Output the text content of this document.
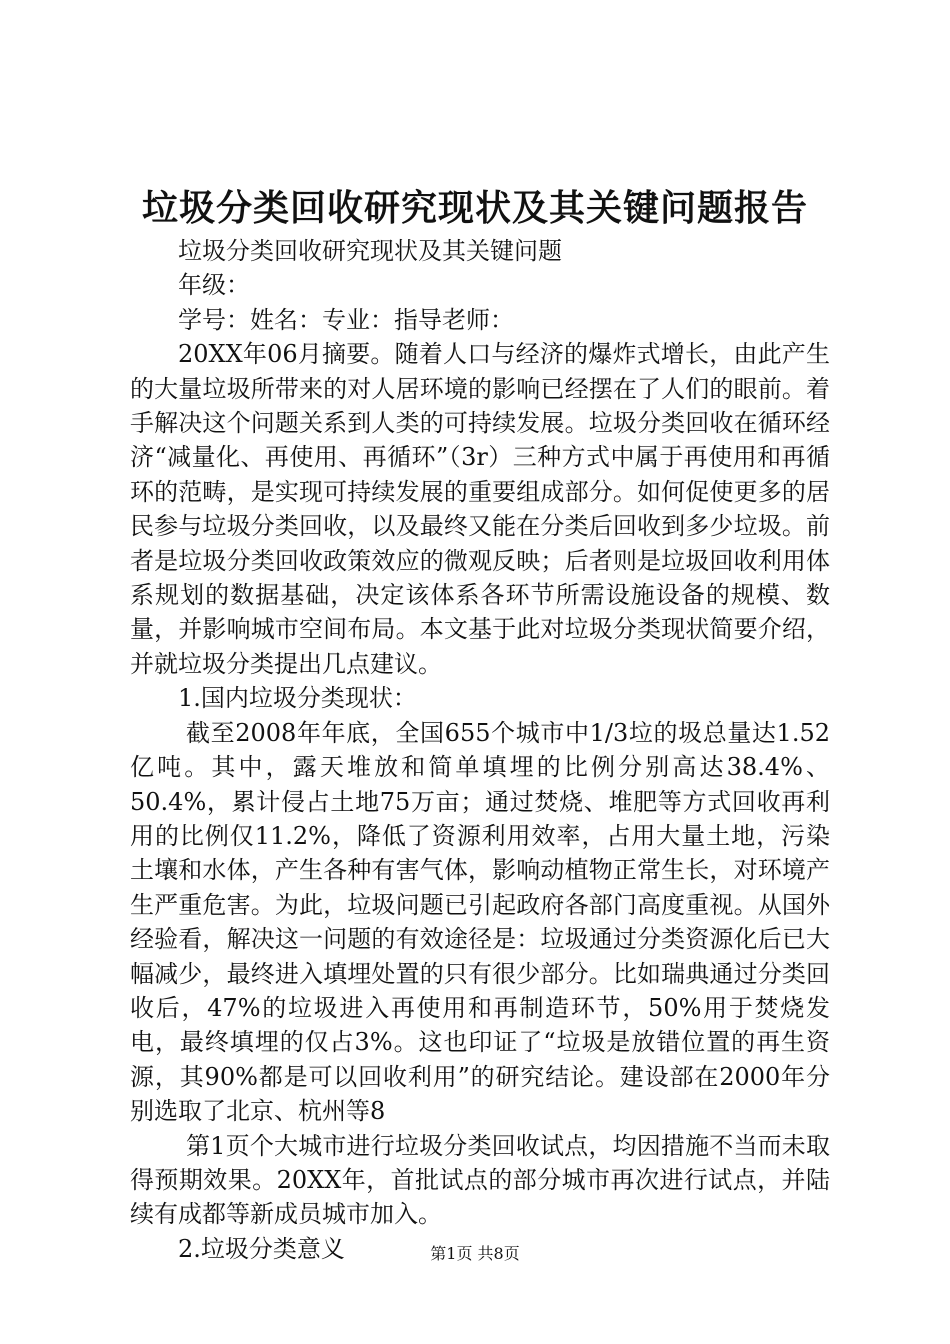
垃圾分类回收研究现状及其关键问题报告

垃圾分类回收研究现状及其关键问题

年级：

学号：姓名：专业：指导老师：

20XX年06月摘要。随着人口与经济的爆炸式增长，由此产生的大量垃圾所带来的对人居环境的影响已经摆在了人们的眼前。着手解决这个问题关系到人类的可持续发展。垃圾分类回收在循环经济“减量化、再使用、再循环”（3r）三种方式中属于再使用和再循环的范畴，是实现可持续发展的重要组成部分。如何促使更多的居民参与垃圾分类回收，以及最终又能在分类后回收到多少垃圾。前者是垃圾分类回收政策效应的微观反映；后者则是垃圾回收利用体系规划的数据基础，决定该体系各环节所需设施设备的规模、数量，并影响城市空间布局。本文基于此对垃圾分类现状简要介绍，并就垃圾分类提出几点建议。

1.国内垃圾分类现状：

截至2008年年底，全国655个城市中1/3垃的圾总量达1.52亿吨。其中，露天堆放和简单填埋的比例分别高达38.4%、50.4%，累计侵占土地75万亩；通过焚烧、堆肥等方式回收再利用的比例仅11.2%，降低了资源利用效率，占用大量土地，污染土壤和水体，产生各种有害气体，影响动植物正常生长，对环境产生严重危害。为此，垃圾问题已引起政府各部门高度重视。从国外经验看，解决这一问题的有效途径是：垃圾通过分类资源化后已大幅减少，最终进入填埋处置的只有很少部分。比如瑞典通过分类回收后，47%的垃圾进入再使用和再制造环节，50%用于焚烧发电，最终填埋的仅占3%。这也印证了“垃圾是放错位置的再生资源，其90%都是可以回收利用”的研究结论。建设部在2000年分别选取了北京、杭州等8

第1页个大城市进行垃圾分类回收试点，均因措施不当而未取得预期效果。20XX年，首批试点的部分城市再次进行试点，并陆续有成都等新成员城市加入。

2.垃圾分类意义	第1页 共8页
